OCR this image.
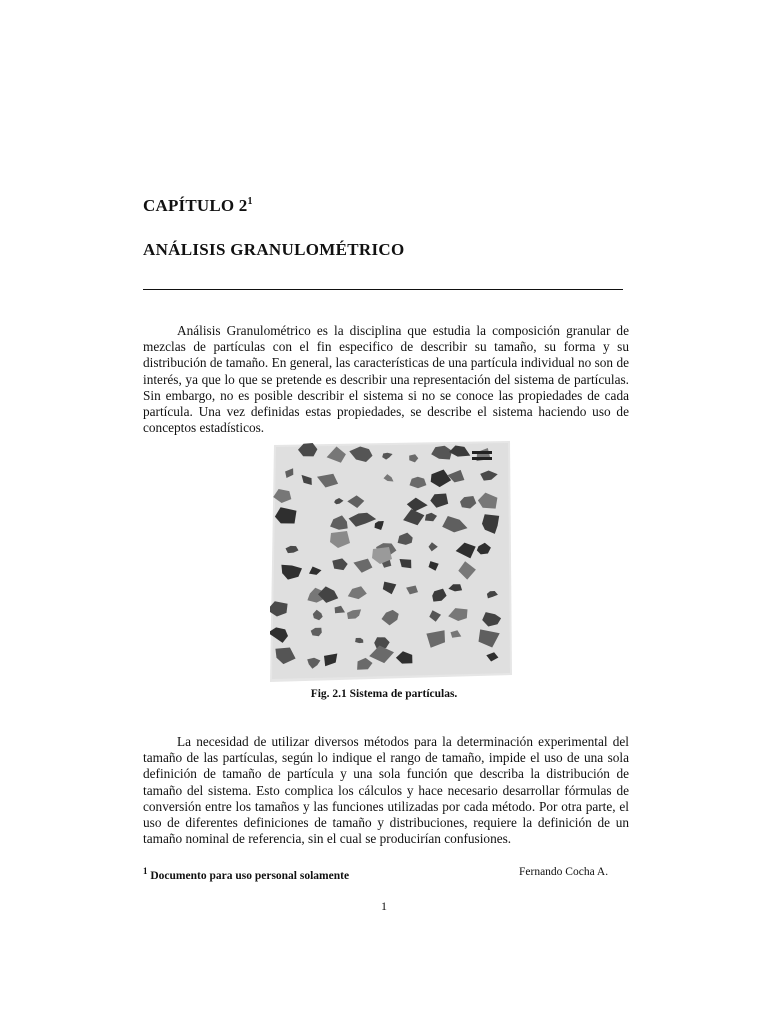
CAPÍTULO $2^1$
ANÁLISIS GRANULOMÉTRICO

Análisis Granulométrico es la disciplina que estudia la composición granular de mezclas de partículas con el fin especifico de describir su tamaño, su forma y su distribución de tamaño. En general, las características de una partícula individual no son de interés, ya que lo que se pretende es describir una representación del sistema de partículas. Sin embargo, no es posible describir el sistema si no se conoce las propiedades de cada partícula. Una vez definidas estas propiedades, se describe el sistema haciendo uso de conceptos estadísticos.

Fig. 2.1 Sistema de partículas.

La necesidad de utilizar diversos métodos para la determinación experimental del tamaño de las partículas, según lo indique el rango de tamaño, impide el uso de una sola definición de tamaño de partícula y una sola función que describa la distribución de tamaño del sistema. Esto complica los cálculos y hace necesario desarrollar fórmulas de conversión entre los tamaños y las funciones utilizadas por cada método. Por otra parte, el uso de diferentes definiciones de tamaño y distribuciones, requiere la definición de un tamaño nominal de referencia, sin el cual se producirían confusiones.

$^1$ Documento para uso personal solamente	Fernando Cocha A.
1
